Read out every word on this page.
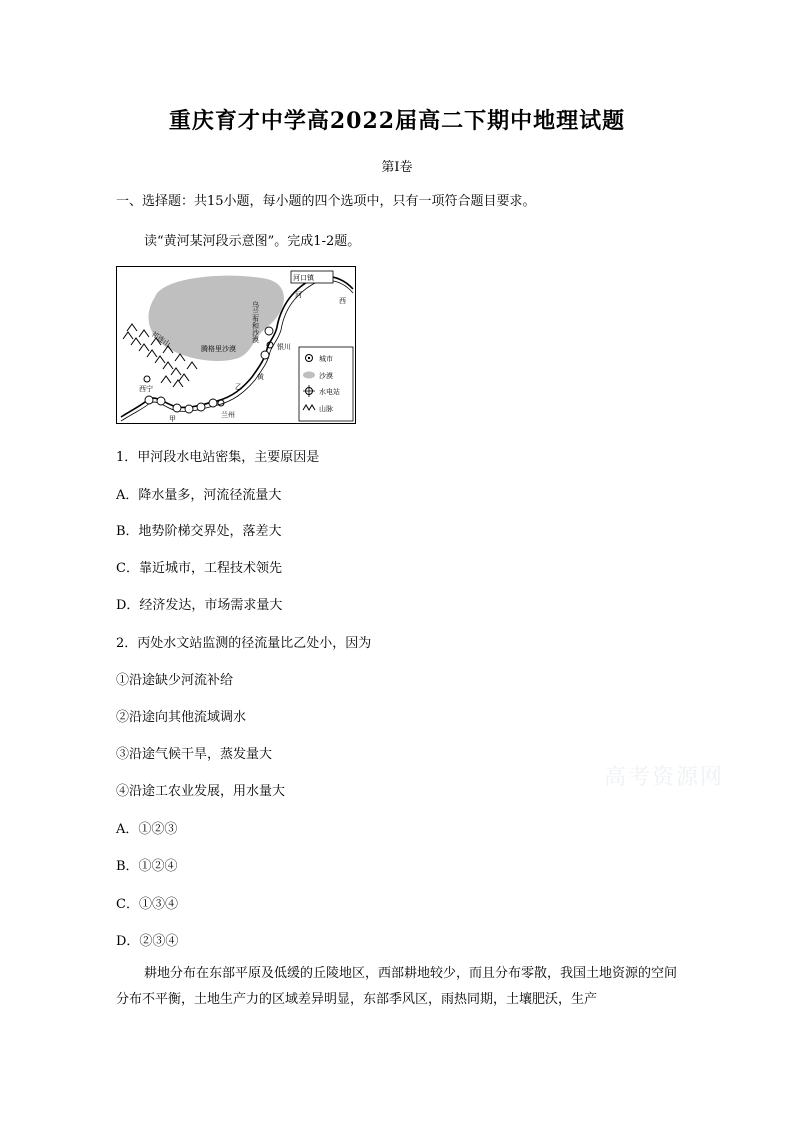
重庆育才中学高2022届高二下期中地理试题
第Ⅰ卷
一、选择题：共15小题，每小题的四个选项中，只有一项符合题目要求。
读“黄河某河段示意图”。完成1-2题。
河口镇
河
西
乌兰布和沙漠
腾格里沙漠	银川
黄
乙
祁连山
西宁
甲
兰州
城市
沙漠
水电站
山脉
1．甲河段水电站密集，主要原因是
A．降水量多，河流径流量大
B．地势阶梯交界处，落差大
C．靠近城市，工程技术领先
D．经济发达，市场需求量大
2．丙处水文站监测的径流量比乙处小，因为
①沿途缺少河流补给
②沿途向其他流域调水
③沿途气候干旱，蒸发量大
④沿途工农业发展，用水量大
A．①②③
B．①②④
C．①③④
D．②③④
耕地分布在东部平原及低缓的丘陵地区，西部耕地较少，而且分布零散，我国土地资源的空间分布不平衡，土地生产力的区域差异明显，东部季风区，雨热同期，土壤肥沃，生产
高考资源网
